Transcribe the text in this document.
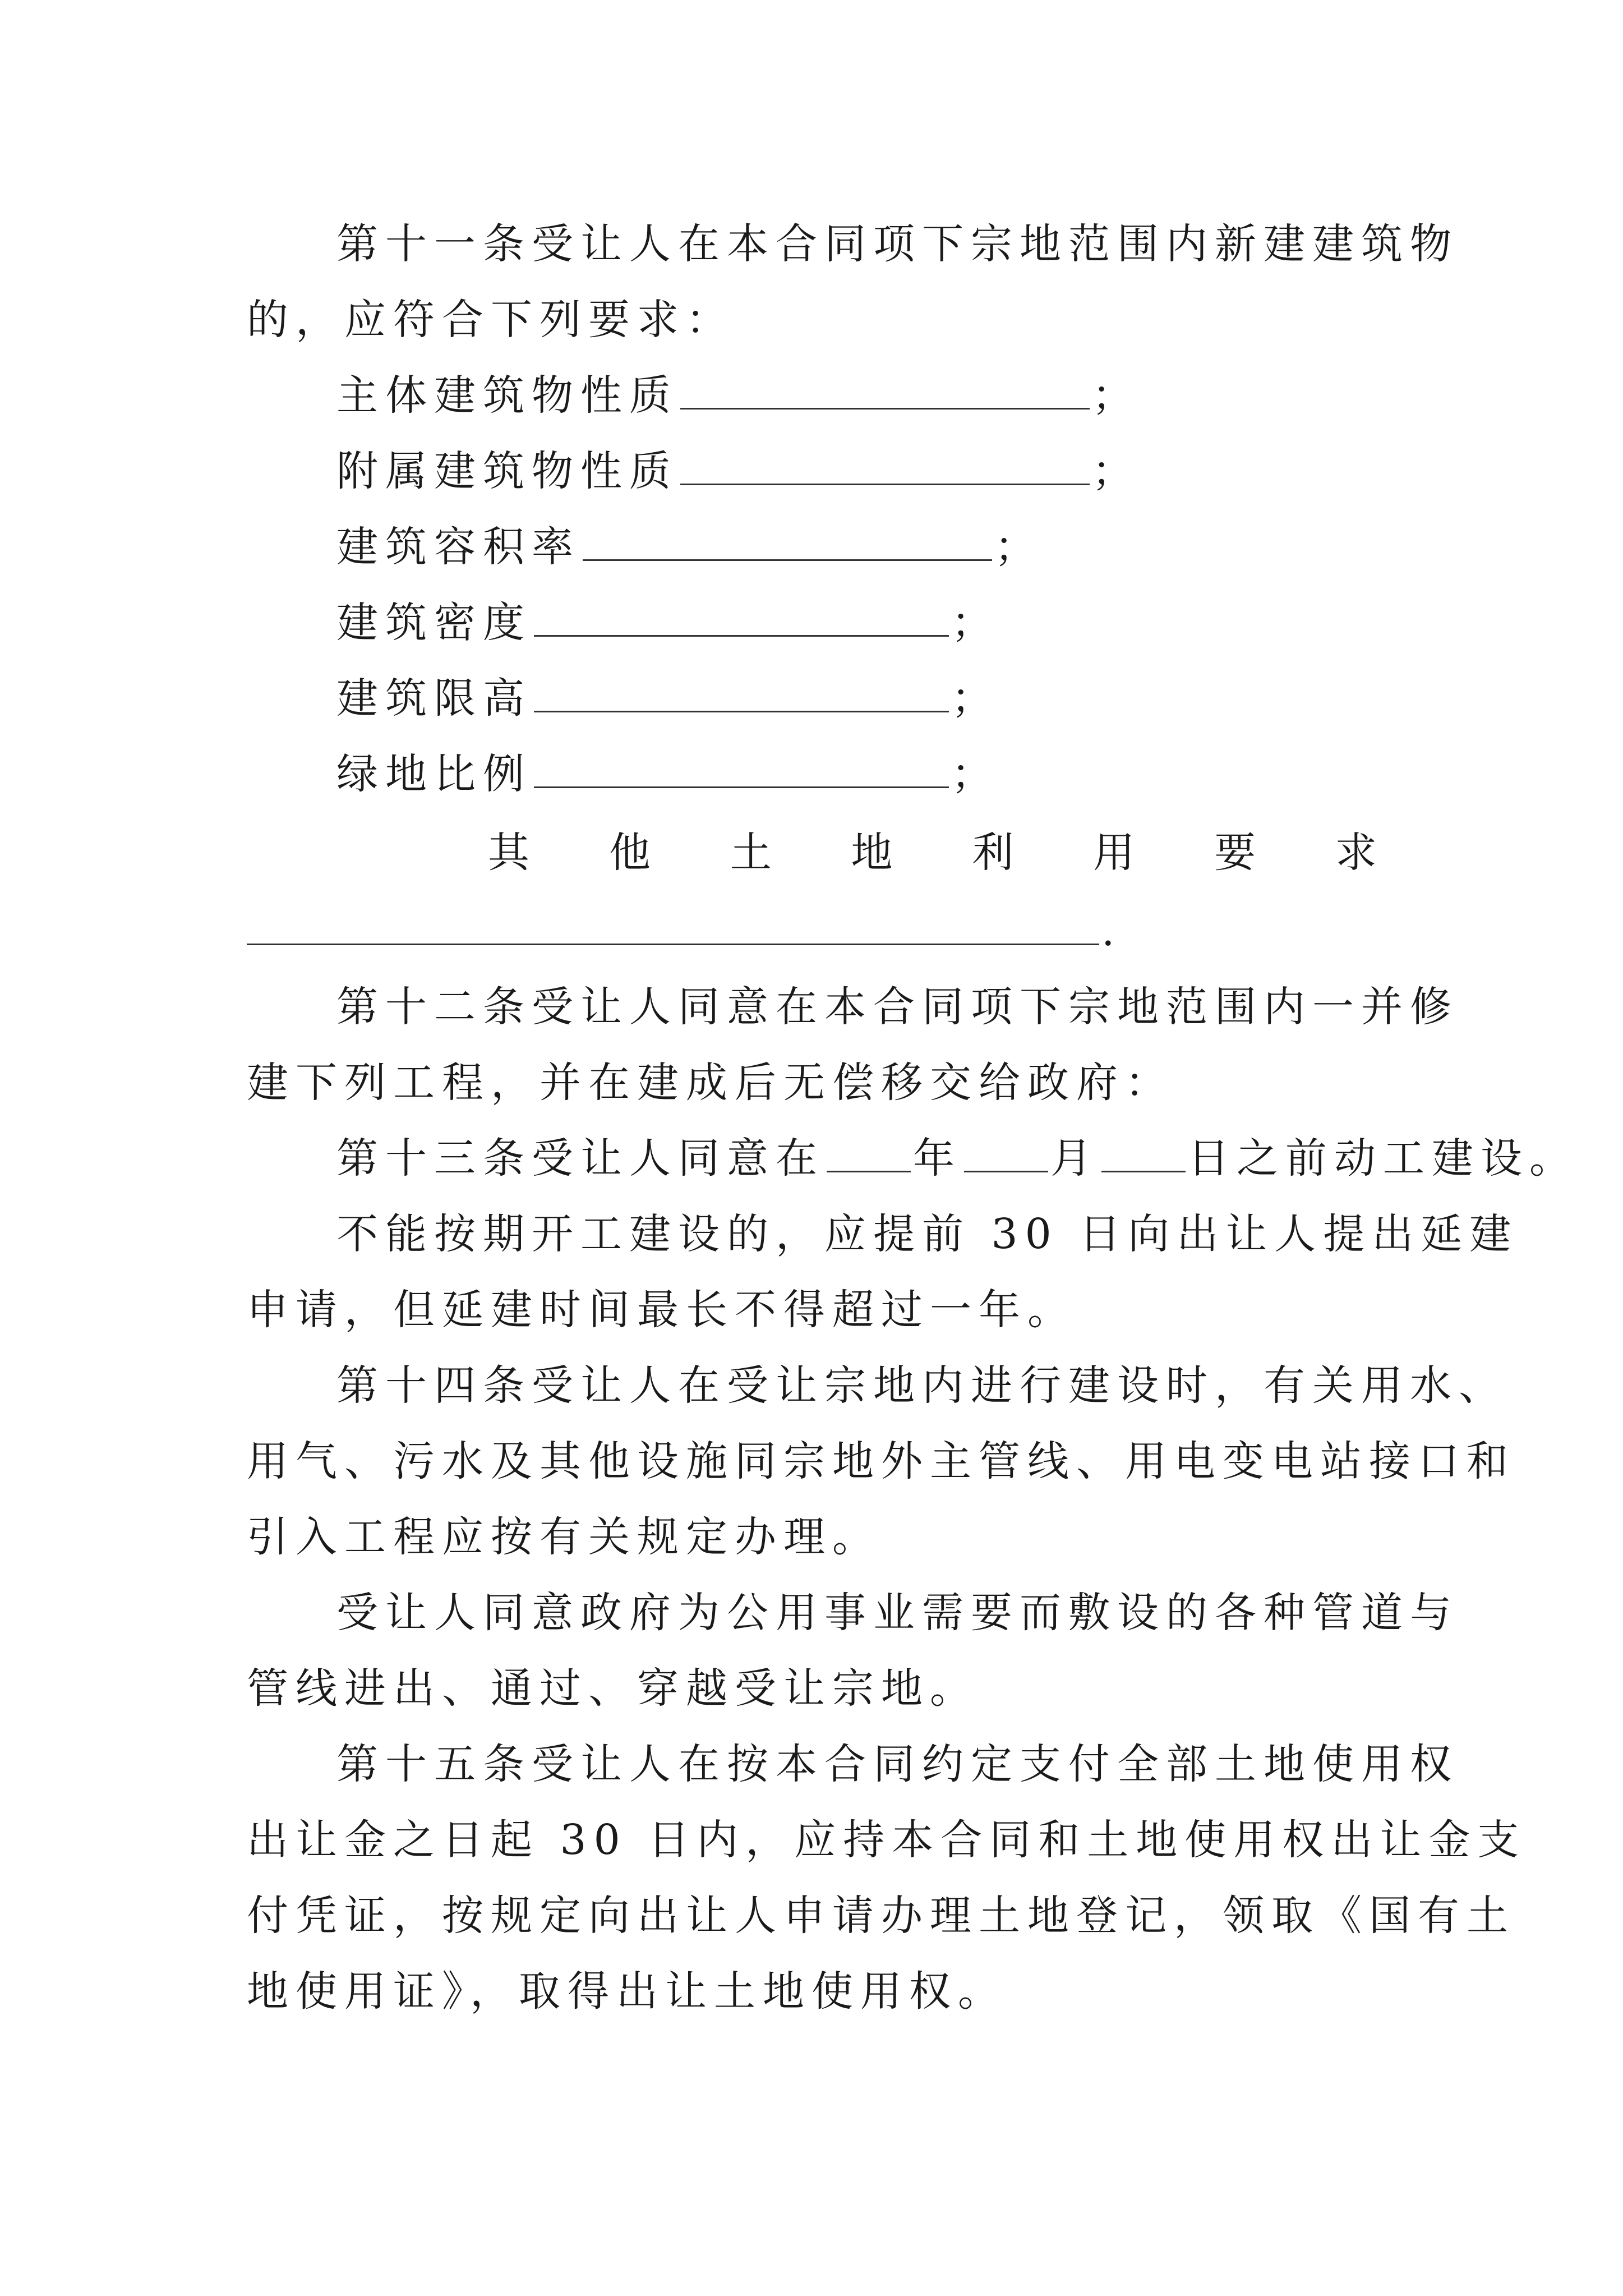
第十一条受让人在本合同项下宗地范围内新建建筑物
的，应符合下列要求：
主体建筑物性质	；
附属建筑物性质	；
建筑容积率	；
建筑密度	；
建筑限高	；
绿地比例	；
其 他 土 地 利 用 要 求
.
第十二条受让人同意在本合同项下宗地范围内一并修
建下列工程，并在建成后无偿移交给政府：
第十三条受让人同意在 年 月 日之前动工建设。
不能按期开工建设的，应提前 30 日向出让人提出延建
申请，但延建时间最长不得超过一年。
第十四条受让人在受让宗地内进行建设时，有关用水、
用气、污水及其他设施同宗地外主管线、用电变电站接口和
引入工程应按有关规定办理。
受让人同意政府为公用事业需要而敷设的各种管道与
管线进出、通过、穿越受让宗地。
第十五条受让人在按本合同约定支付全部土地使用权
出让金之日起 30 日内，应持本合同和土地使用权出让金支
付凭证，按规定向出让人申请办理土地登记，领取《国有土
地使用证》，取得出让土地使用权。
